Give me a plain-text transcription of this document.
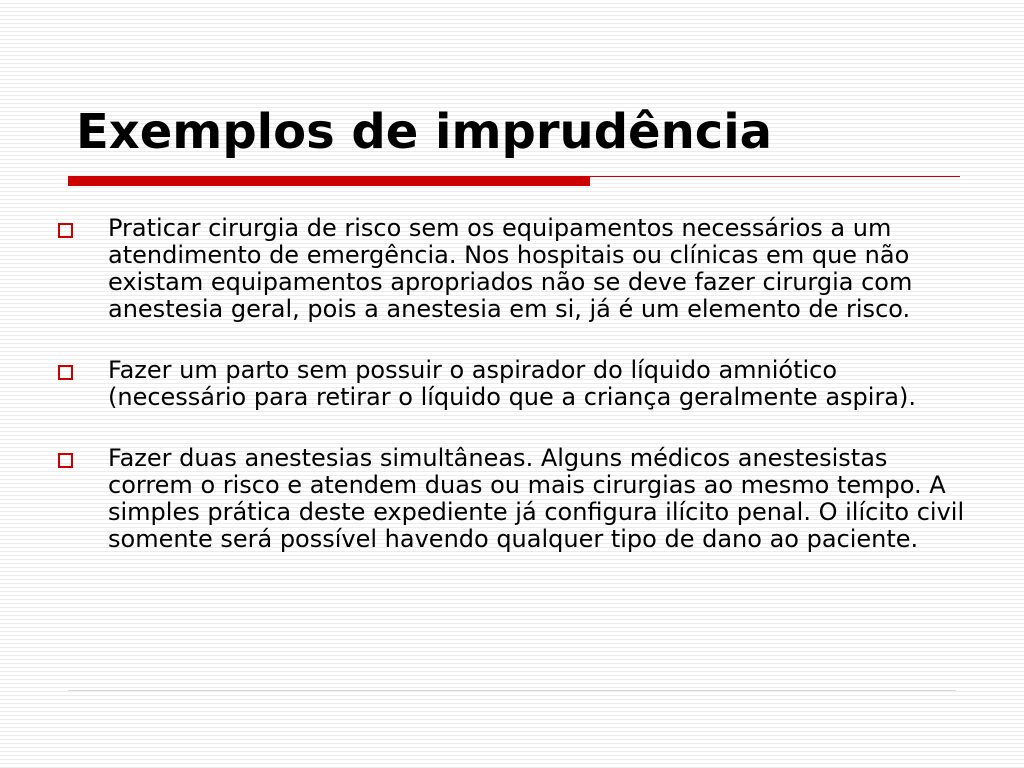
Exemplos de imprudência
Praticar cirurgia de risco sem os equipamentos necessários a um atendimento de emergência. Nos hospitais ou clínicas em que não existam equipamentos apropriados não se deve fazer cirurgia com anestesia geral, pois a anestesia em si, já é um elemento de risco.
Fazer um parto sem possuir o aspirador do líquido amniótico (necessário para retirar o líquido que a criança geralmente aspira).
Fazer duas anestesias simultâneas. Alguns médicos anestesistas correm o risco e atendem duas ou mais cirurgias ao mesmo tempo. A simples prática deste expediente já configura ilícito penal. O ilícito civil somente será possível havendo qualquer tipo de dano ao paciente.
